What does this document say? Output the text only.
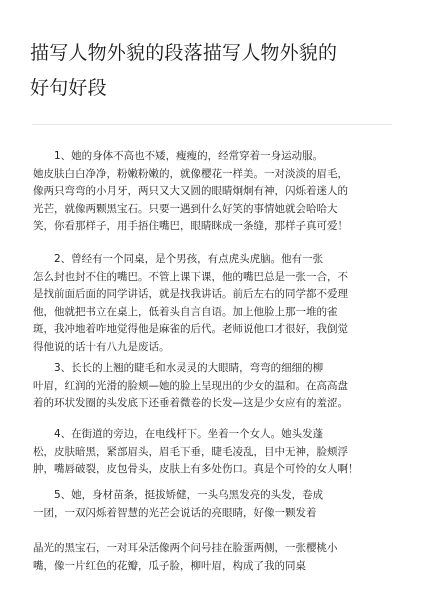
描写人物外貌的段落描写人物外貌的
好句好段
1、她的身体不高也不矮，瘦瘦的，经常穿着一身运动服。
她皮肤白白净净，粉嫩粉嫩的，就像樱花一样美。一对淡淡的眉毛，
像两只弯弯的小月牙，两只又大又圆的眼睛炯炯有神，闪烁着迷人的
光芒，就像两颗黑宝石。只要一遇到什么好笑的事情她就会哈哈大
笑，你看那样子，用手捂住嘴巴，眼睛眯成一条缝，那样子真可爱！
2、曾经有一个同桌，是个男孩，有点虎头虎脑。他有一张
怎么封也封不住的嘴巴。不管上课下课，他的嘴巴总是一张一合，不
是找前面后面的同学讲话，就是找我讲话。前后左右的同学都不爱理
他，他就把书立在桌上，低着头自言自语。加上他脸上那一堆的雀
斑，我冲地着咋地觉得他是麻雀的后代。老师说他口才很好，我倒觉
得他说的话十有八九是废话。
3、长长的上翘的睫毛和水灵灵的大眼睛，弯弯的细细的柳
叶眉，红润的光滑的脸颊—她的脸上呈现出的少女的温和。在高高盘
着的环状发圈的头发底下还垂着微卷的长发—这是少女应有的羞涩。
4、在街道的旁边，在电线杆下。坐着一个女人。她头发蓬
松，皮肤暗黑，紧部眉头，眉毛下垂，睫毛凌乱，目中无神，脸颊浮
肿，嘴唇破裂，皮包骨头，皮肤上有多处伤口。真是个可怜的女人啊！
5、她，身材苗条，挺拔矫健，一头乌黑发亮的头发，卷成
一团，一双闪烁着智慧的光芒会说话的亮眼睛，好像一颗发着
晶光的黑宝石，一对耳朵活像两个问号挂在脸蛋两侧，一张樱桃小
嘴，像一片红色的花瓣，瓜子脸，柳叶眉，构成了我的同桌
